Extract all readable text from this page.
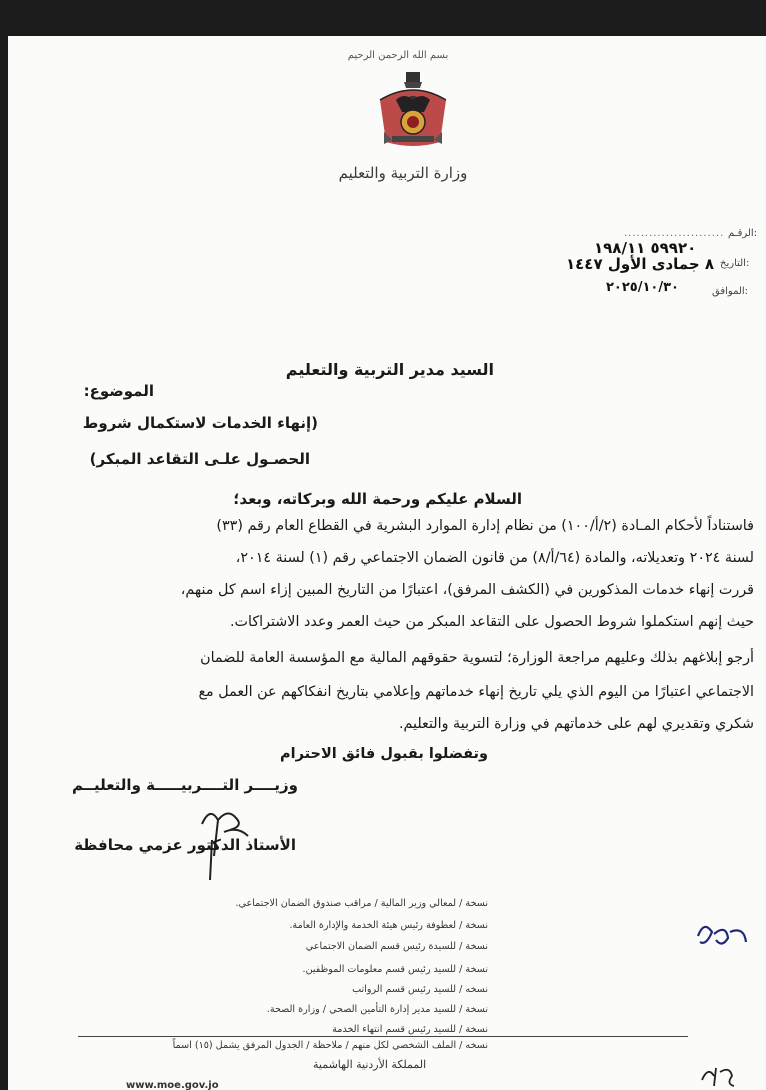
بسم الله الرحمن الرحيم
وزارة التربية والتعليم
الرقـم:
........................
٥٩٩٢٠ ١٩٨/١١
التاريخ:
٨ جمادى الأول ١٤٤٧
الموافق:
٢٠٢٥/١٠/٣٠
السيد مدير التربية والتعليم
الموضوع:
(إنهاء الخدمات لاستكمال شروط
الحصـول علـى التقاعد المبكر)
السلام عليكم ورحمة الله وبركاته، وبعد؛
فاستناداً لأحكام المـادة (٢/أ/١٠٠) من نظام إدارة الموارد البشرية في القطاع العام رقم (٣٣)
لسنة ٢٠٢٤ وتعديلاته، والمادة (٦٤/أ/٨) من قانون الضمان الاجتماعي رقم (١) لسنة ٢٠١٤،
قررت إنهاء خدمات المذكورين في (الكشف المرفق)، اعتبارًا من التاريخ المبين إزاء اسم كل منهم،
حيث إنهم استكملوا شروط الحصول على التقاعد المبكر من حيث العمر وعدد الاشتراكات.
أرجو إبلاغهم بذلك وعليهم مراجعة الوزارة؛ لتسوية حقوقهم المالية مع المؤسسة العامة للضمان
الاجتماعي اعتبارًا من اليوم الذي يلي تاريخ إنهاء خدماتهم وإعلامي بتاريخ انفكاكهم عن العمل مع
شكري وتقديري لهم على خدماتهم في وزارة التربية والتعليم.
وتفضلوا بقبول فائق الاحترام
وزيــــر التــــربيـــــة والتعليــم
الأستاذ الدكتور عزمي محافظة
نسخة / لمعالي وزير المالية / مراقب صندوق الضمان الاجتماعي.
نسخة / لعطوفة رئيس هيئة الخدمة والإدارة العامة.
نسخة / للسيدة رئيس قسم الضمان الاجتماعي
نسخة / للسيد رئيس قسم معلومات الموظفين.
نسخه / للسيد رئيس قسم الرواتب
نسخة / للسيد مدير إدارة التأمين الصحي / وزارة الصحة.
نسخة / للسيد رئيس قسم انتهاء الخدمة
نسخه / الملف الشخصي لكل منهم / ملاحظة / الجدول المرفق يشمل (١٥) اسماً
المملكة الأردنية الهاشمية
www.moe.gov.jo
